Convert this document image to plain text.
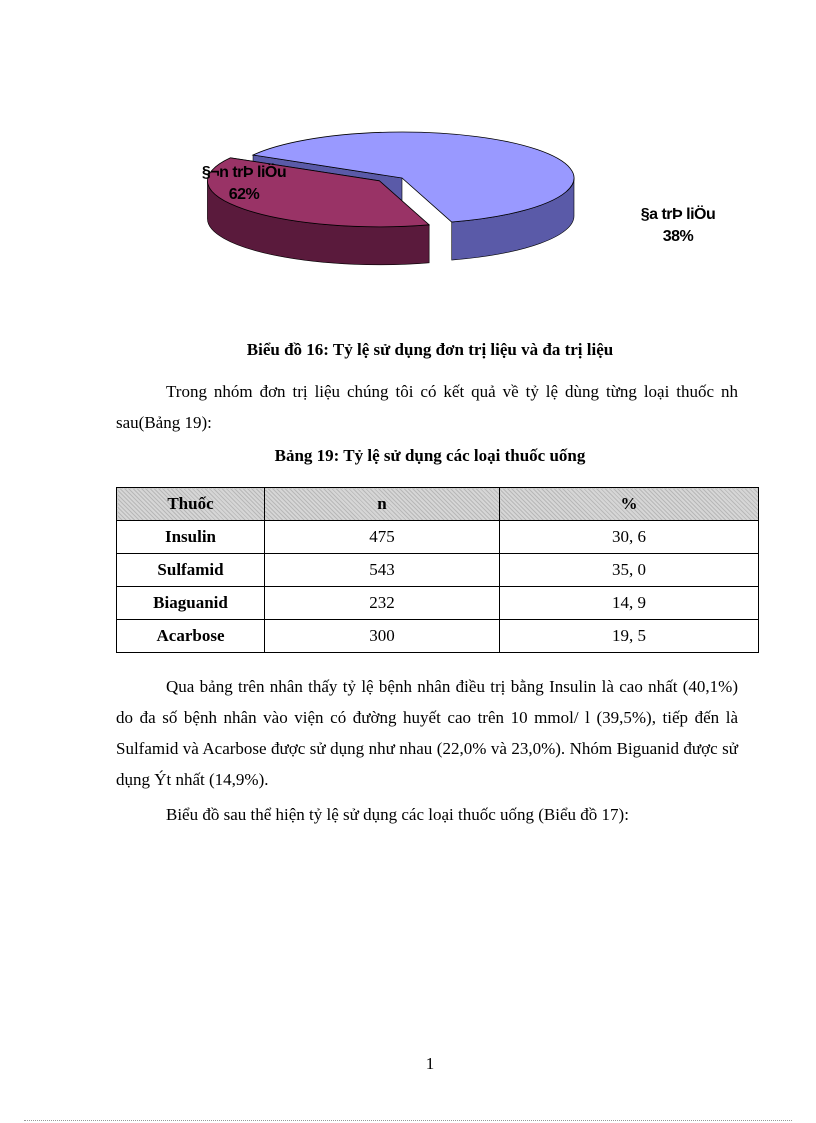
§¬n trÞ liÖu
62%
§a trÞ liÖu
38%
Biểu đồ 16: Tỷ lệ sử dụng đơn trị liệu và đa trị liệu
Trong nhóm đơn trị liệu chúng tôi có kết quả về tỷ lệ dùng từng loại thuốc nh sau(Bảng 19):
Bảng 19: Tỷ lệ sử dụng các loại thuốc uống
Thuốc	n	%
Insulin	475	30, 6
Sulfamid	543	35, 0
Biaguanid	232	14, 9
Acarbose	300	19, 5
Qua bảng trên nhân thấy tỷ lệ bệnh nhân điều trị bằng Insulin là cao nhất (40,1%) do đa số bệnh nhân vào viện có đường huyết cao trên 10 mmol/ l (39,5%), tiếp đến là Sulfamid và Acarbose được sử dụng như nhau (22,0% và 23,0%). Nhóm Biguanid được sử dụng Ýt nhất (14,9%).
Biểu đồ sau thể hiện tỷ lệ sử dụng các loại thuốc uống (Biểu đồ 17):
1
